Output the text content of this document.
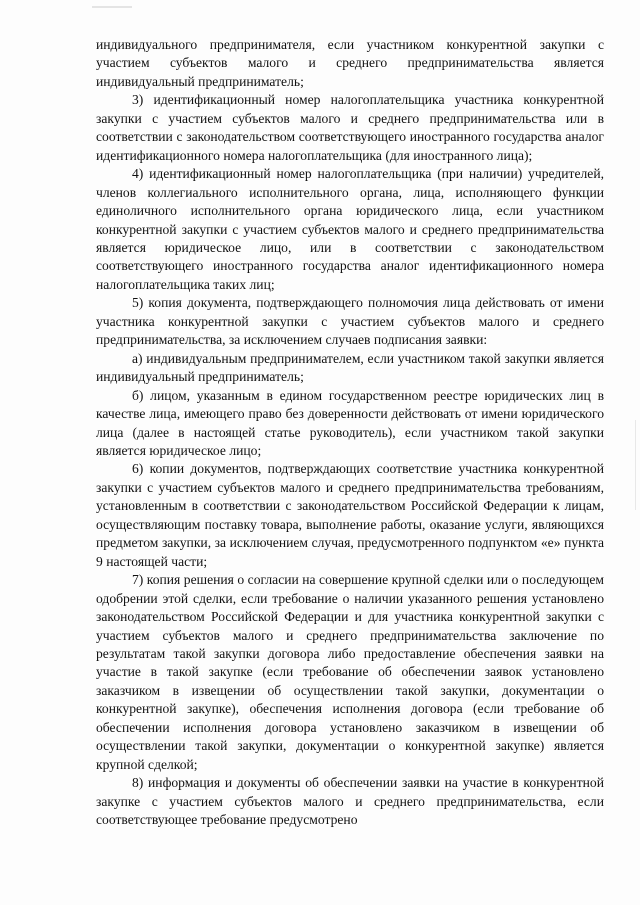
индивидуального предпринимателя, если участником конкурентной закупки с участием субъектов малого и среднего предпринимательства является индивидуальный предприниматель;

3) идентификационный номер налогоплательщика участника конкурентной закупки с участием субъектов малого и среднего предпринимательства или в соответствии с законодательством соответствующего иностранного государства аналог идентификационного номера налогоплательщика (для иностранного лица);

4) идентификационный номер налогоплательщика (при наличии) учредителей, членов коллегиального исполнительного органа, лица, исполняющего функции единоличного исполнительного органа юридического лица, если участником конкурентной закупки с участием субъектов малого и среднего предпринимательства является юридическое лицо, или в соответствии с законодательством соответствующего иностранного государства аналог идентификационного номера налогоплательщика таких лиц;

5) копия документа, подтверждающего полномочия лица действовать от имени участника конкурентной закупки с участием субъектов малого и среднего предпринимательства, за исключением случаев подписания заявки:

а) индивидуальным предпринимателем, если участником такой закупки является индивидуальный предприниматель;

б) лицом, указанным в едином государственном реестре юридических лиц в качестве лица, имеющего право без доверенности действовать от имени юридического лица (далее в настоящей статье руководитель), если участником такой закупки является юридическое лицо;

6) копии документов, подтверждающих соответствие участника конкурентной закупки с участием субъектов малого и среднего предпринимательства требованиям, установленным в соответствии с законодательством Российской Федерации к лицам, осуществляющим поставку товара, выполнение работы, оказание услуги, являющихся предметом закупки, за исключением случая, предусмотренного подпунктом «е» пункта 9 настоящей части;

7) копия решения о согласии на совершение крупной сделки или о последующем одобрении этой сделки, если требование о наличии указанного решения установлено законодательством Российской Федерации и для участника конкурентной закупки с участием субъектов малого и среднего предпринимательства заключение по результатам такой закупки договора либо предоставление обеспечения заявки на участие в такой закупке (если требование об обеспечении заявок установлено заказчиком в извещении об осуществлении такой закупки, документации о конкурентной закупке), обеспечения исполнения договора (если требование об обеспечении исполнения договора установлено заказчиком в извещении об осуществлении такой закупки, документации о конкурентной закупке) является крупной сделкой;

8) информация и документы об обеспечении заявки на участие в конкурентной закупке с участием субъектов малого и среднего предпринимательства, если соответствующее требование предусмотрено
